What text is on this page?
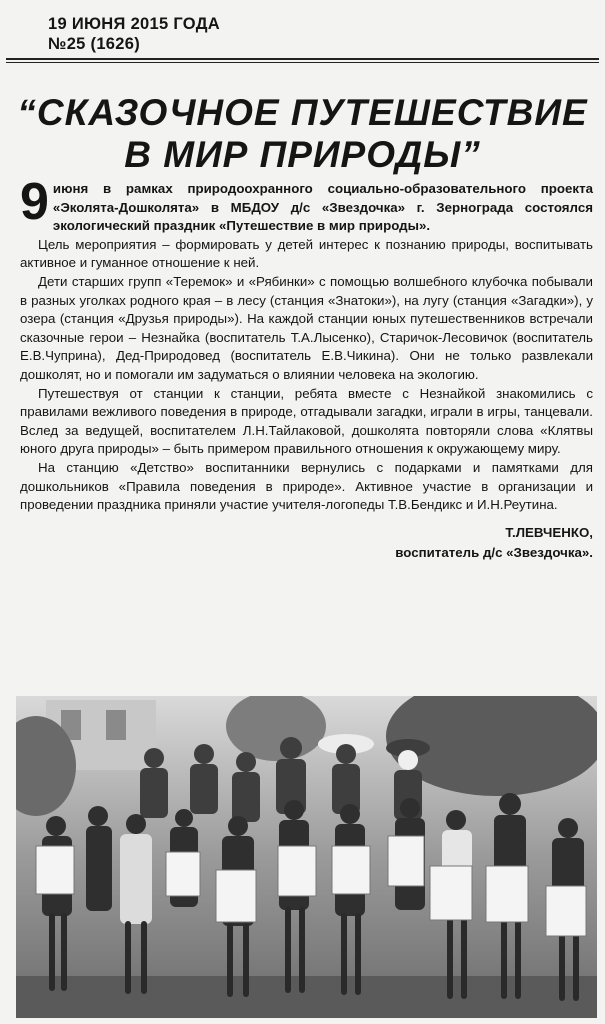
19 ИЮНЯ 2015 ГОДА
№25 (1626)
“СКАЗОЧНОЕ ПУТЕШЕСТВИЕ
В МИР ПРИРОДЫ”
9 июня в рамках природоохранного социально-образовательного проекта «Эколята-Дошколята» в МБДОУ д/с «Звездочка» г. Зернограда состоялся экологический праздник «Путешествие в мир природы».

Цель мероприятия – формировать у детей интерес к познанию природы, воспитывать активное и гуманное отношение к ней.

Дети старших групп «Теремок» и «Рябинки» с помощью волшебного клубочка побывали в разных уголках родного края – в лесу (станция «Знатоки»), на лугу (станция «Загадки»), у озера (станция «Друзья природы»). На каждой станции юных путешественников встречали сказочные герои – Незнайка (воспитатель Т.А.Лысенко), Старичок-Лесовичок (воспитатель Е.В.Чуприна), Дед-Природовед (воспитатель Е.В.Чикина). Они не только развлекали дошколят, но и помогали им задуматься о влиянии человека на экологию.

Путешествуя от станции к станции, ребята вместе с Незнайкой знакомились с правилами вежливого поведения в природе, отгадывали загадки, играли в игры, танцевали. Вслед за ведущей, воспитателем Л.Н.Тайлаковой, дошколята повторяли слова «Клятвы юного друга природы» – быть примером правильного отношения к окружающему миру.

На станцию «Детство» воспитанники вернулись с подарками и памятками для дошкольников «Правила поведения в природе». Активное участие в организации и проведении праздника приняли участие учителя-логопеды Т.В.Бендикс и И.Н.Реутина.

Т.ЛЕВЧЕНКО,
воспитатель д/с «Звездочка».
